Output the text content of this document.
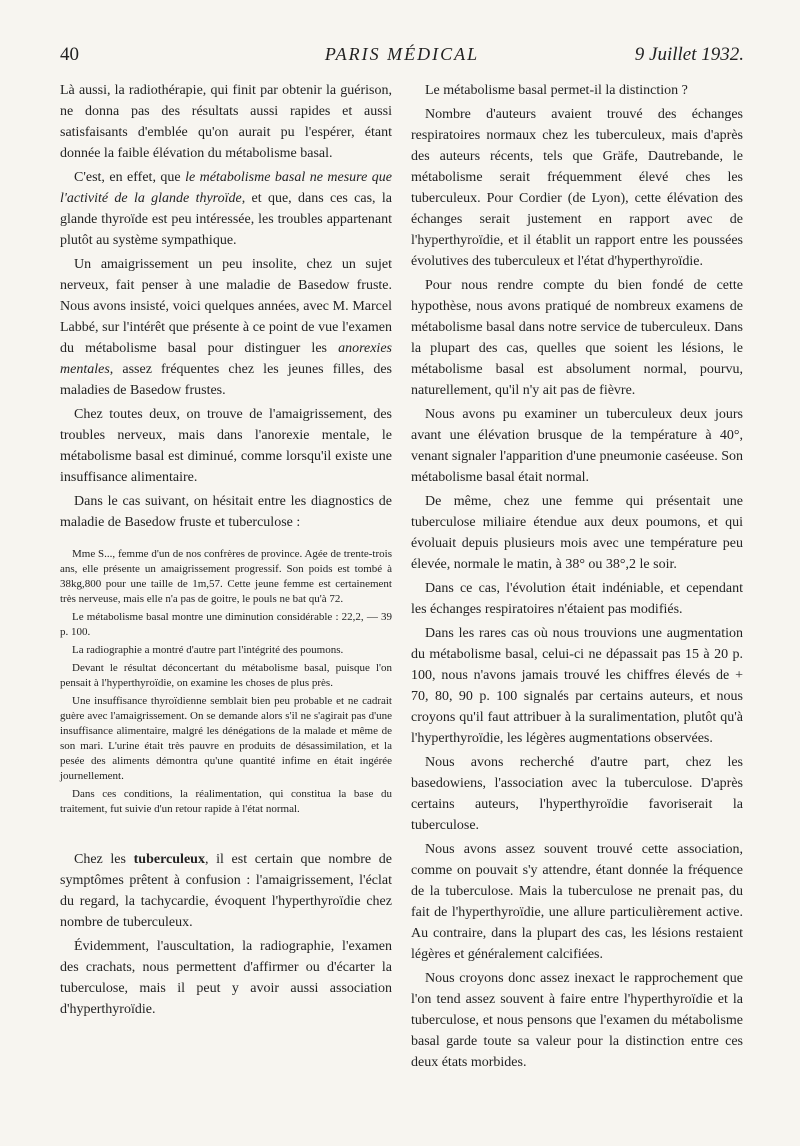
40	PARIS MÉDICAL	9 Juillet 1932.

Là aussi, la radiothérapie, qui finit par obtenir la guérison, ne donna pas des résultats aussi rapides et aussi satisfaisants d'emblée qu'on aurait pu l'espérer, étant donnée la faible élévation du métabolisme basal.

C'est, en effet, que le métabolisme basal ne mesure que l'activité de la glande thyroïde, et que, dans ces cas, la glande thyroïde est peu intéressée, les troubles appartenant plutôt au système sympathique.

Un amaigrissement un peu insolite, chez un sujet nerveux, fait penser à une maladie de Basedow fruste. Nous avons insisté, voici quelques années, avec M. Marcel Labbé, sur l'intérêt que présente à ce point de vue l'examen du métabolisme basal pour distinguer les anorexies mentales, assez fréquentes chez les jeunes filles, des maladies de Basedow frustes.

Chez toutes deux, on trouve de l'amaigrissement, des troubles nerveux, mais dans l'anorexie mentale, le métabolisme basal est diminué, comme lorsqu'il existe une insuffisance alimentaire.

Dans le cas suivant, on hésitait entre les diagnostics de maladie de Basedow fruste et tuberculose :

Mme S..., femme d'un de nos confrères de province. Agée de trente-trois ans, elle présente un amaigrissement progressif. Son poids est tombé à 38kg,800 pour une taille de 1m,57. Cette jeune femme est certainement très nerveuse, mais elle n'a pas de goitre, le pouls ne bat qu'à 72.

Le métabolisme basal montre une diminution considérable : 22,2, — 39 p. 100.

La radiographie a montré d'autre part l'intégrité des poumons.

Devant le résultat déconcertant du métabolisme basal, puisque l'on pensait à l'hyperthyroïdie, on examine les choses de plus près.

Une insuffisance thyroïdienne semblait bien peu probable et ne cadrait guère avec l'amaigrissement. On se demande alors s'il ne s'agirait pas d'une insuffisance alimentaire, malgré les dénégations de la malade et même de son mari. L'urine était très pauvre en produits de désassimilation, et la pesée des aliments démontra qu'une quantité infime en était ingérée journellement.

Dans ces conditions, la réalimentation, qui constitua la base du traitement, fut suivie d'un retour rapide à l'état normal.

Chez les tuberculeux, il est certain que nombre de symptômes prêtent à confusion : l'amaigrissement, l'éclat du regard, la tachycardie, évoquent l'hyperthyroïdie chez nombre de tuberculeux.

Évidemment, l'auscultation, la radiographie, l'examen des crachats, nous permettent d'affirmer ou d'écarter la tuberculose, mais il peut y avoir aussi association d'hyperthyroïdie.

Le métabolisme basal permet-il la distinction ?

Nombre d'auteurs avaient trouvé des échanges respiratoires normaux chez les tuberculeux, mais d'après des auteurs récents, tels que Gräfe, Dautrebande, le métabolisme serait fréquemment élevé ches les tuberculeux. Pour Cordier (de Lyon), cette élévation des échanges serait justement en rapport avec de l'hyperthyroïdie, et il établit un rapport entre les poussées évolutives des tuberculeux et l'état d'hyperthyroïdie.

Pour nous rendre compte du bien fondé de cette hypothèse, nous avons pratiqué de nombreux examens de métabolisme basal dans notre service de tuberculeux. Dans la plupart des cas, quelles que soient les lésions, le métabolisme basal est absolument normal, pourvu, naturellement, qu'il n'y ait pas de fièvre.

Nous avons pu examiner un tuberculeux deux jours avant une élévation brusque de la température à 40°, venant signaler l'apparition d'une pneumonie caséeuse. Son métabolisme basal était normal.

De même, chez une femme qui présentait une tuberculose miliaire étendue aux deux poumons, et qui évoluait depuis plusieurs mois avec une température peu élevée, normale le matin, à 38° ou 38°,2 le soir.

Dans ce cas, l'évolution était indéniable, et cependant les échanges respiratoires n'étaient pas modifiés.

Dans les rares cas où nous trouvions une augmentation du métabolisme basal, celui-ci ne dépassait pas 15 à 20 p. 100, nous n'avons jamais trouvé les chiffres élevés de + 70, 80, 90 p. 100 signalés par certains auteurs, et nous croyons qu'il faut attribuer à la suralimentation, plutôt qu'à l'hyperthyroïdie, les légères augmentations observées.

Nous avons recherché d'autre part, chez les basedowiens, l'association avec la tuberculose. D'après certains auteurs, l'hyperthyroïdie favoriserait la tuberculose.

Nous avons assez souvent trouvé cette association, comme on pouvait s'y attendre, étant donnée la fréquence de la tuberculose. Mais la tuberculose ne prenait pas, du fait de l'hyperthyroïdie, une allure particulièrement active. Au contraire, dans la plupart des cas, les lésions restaient légères et généralement calcifiées.

Nous croyons donc assez inexact le rapprochement que l'on tend assez souvent à faire entre l'hyperthyroïdie et la tuberculose, et nous pensons que l'examen du métabolisme basal garde toute sa valeur pour la distinction entre ces deux états morbides.
